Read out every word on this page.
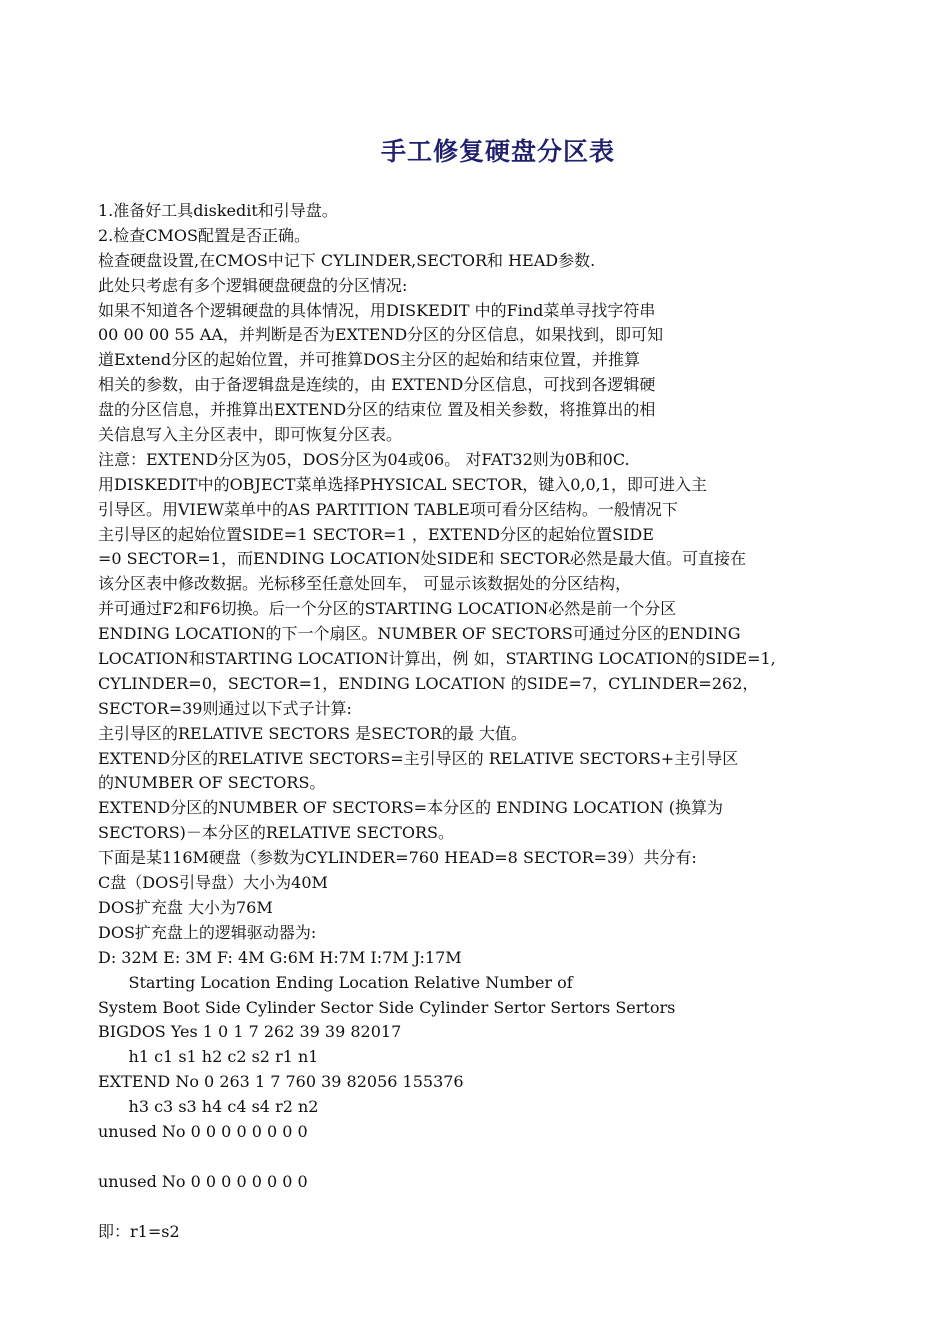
手工修复硬盘分区表
1.准备好工具diskedit和引导盘。
2.检查CMOS配置是否正确。
检查硬盘设置,在CMOS中记下 CYLINDER,SECTOR和 HEAD参数.
此处只考虑有多个逻辑硬盘硬盘的分区情况:
如果不知道各个逻辑硬盘的具体情况，用DISKEDIT 中的Find菜单寻找字符串
00 00 00 55 AA，并判断是否为EXTEND分区的分区信息，如果找到，即可知
道Extend分区的起始位置，并可推算DOS主分区的起始和结束位置，并推算
相关的参数，由于备逻辑盘是连续的，由 EXTEND分区信息，可找到各逻辑硬
盘的分区信息，并推算出EXTEND分区的结束位 置及相关参数，将推算出的相
关信息写入主分区表中，即可恢复分区表。
注意：EXTEND分区为05，DOS分区为04或06。 对FAT32则为0B和0C.
用DISKEDIT中的OBJECT菜单选择PHYSICAL SECTOR，键入0,0,1，即可进入主
引导区。用VIEW菜单中的AS PARTITION TABLE项可看分区结构。一般情况下
主引导区的起始位置SIDE=1 SECTOR=1 ，EXTEND分区的起始位置SIDE
=0 SECTOR=1，而ENDING LOCATION处SIDE和 SECTOR必然是最大值。可直接在
该分区表中修改数据。光标移至任意处回车， 可显示该数据处的分区结构，
并可通过F2和F6切换。后一个分区的STARTING LOCATION必然是前一个分区
ENDING LOCATION的下一个扇区。NUMBER OF SECTORS可通过分区的ENDING
LOCATION和STARTING LOCATION计算出，例 如，STARTING LOCATION的SIDE=1,
CYLINDER=0，SECTOR=1，ENDING LOCATION 的SIDE=7，CYLINDER=262，
SECTOR=39则通过以下式子计算:
主引导区的RELATIVE SECTORS 是SECTOR的最 大值。
EXTEND分区的RELATIVE SECTORS=主引导区的 RELATIVE SECTORS+主引导区
的NUMBER OF SECTORS。
EXTEND分区的NUMBER OF SECTORS=本分区的 ENDING LOCATION (换算为
SECTORS)－本分区的RELATIVE SECTORS。
下面是某116M硬盘（参数为CYLINDER=760 HEAD=8 SECTOR=39）共分有:
C盘（DOS引导盘）大小为40M
DOS扩充盘 大小为76M
DOS扩充盘上的逻辑驱动器为:
D: 32M E: 3M F: 4M G:6M H:7M I:7M J:17M
Starting Location Ending Location Relative Number of
System Boot Side Cylinder Sector Side Cylinder Sertor Sertors Sertors
BIGDOS Yes 1 0 1 7 262 39 39 82017
h1 c1 s1 h2 c2 s2 r1 n1
EXTEND No 0 263 1 7 760 39 82056 155376
h3 c3 s3 h4 c4 s4 r2 n2
unused No 0 0 0 0 0 0 0 0
unused No 0 0 0 0 0 0 0 0
即：r1=s2
